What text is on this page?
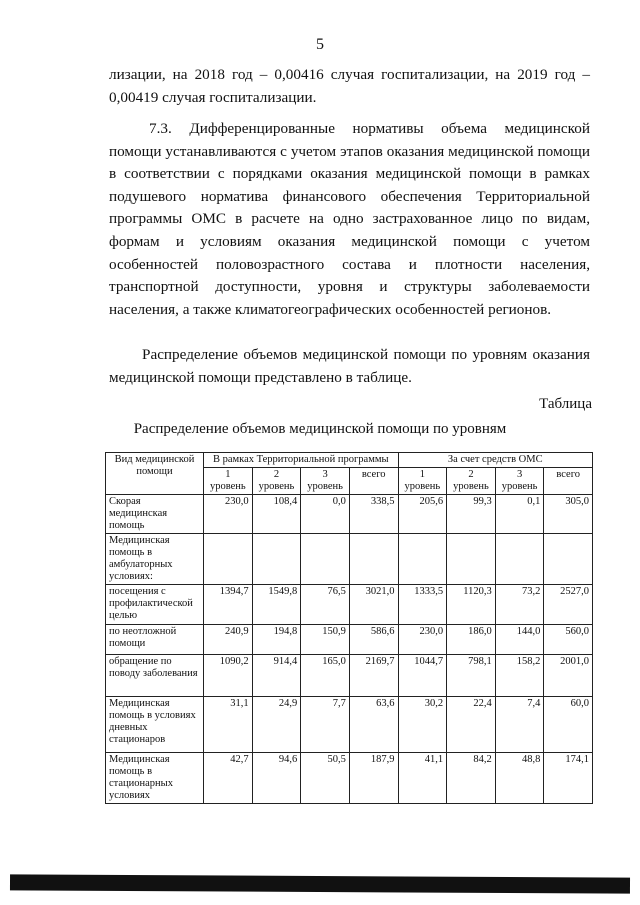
5

лизации, на 2018 год – 0,00416 случая госпитализации, на 2019 год – 0,00419 случая госпитализации.

7.3. Дифференцированные нормативы объема медицинской помощи устанавливаются с учетом этапов оказания медицинской помощи в соответствии с порядками оказания медицинской помощи в рамках подушевого норматива финансового обеспечения Территориальной программы ОМС в расчете на одно застрахованное лицо по видам, формам и условиям оказания медицинской помощи с учетом особенностей половозрастного состава и плотности населения, транспортной доступности, уровня и структуры заболеваемости населения, а также климатогеографических особенностей регионов.

Распределение объемов медицинской помощи по уровням оказания медицинской помощи представлено в таблице.

Таблица
Распределение объемов медицинской помощи по уровням
Вид медицинской помощи	В рамках Территориальной программы				За счет средств ОМС			
	1 уровень	2 уровень	3 уровень	всего	1 уровень	2 уровень	3 уровень	всего
Скорая медицинская помощь	230,0	108,4	0,0	338,5	205,6	99,3	0,1	305,0
Медицинская помощь в амбулаторных условиях:								
посещения с профилактической целью	1394,7	1549,8	76,5	3021,0	1333,5	1120,3	73,2	2527,0
по неотложной помощи	240,9	194,8	150,9	586,6	230,0	186,0	144,0	560,0
обращение по поводу заболевания	1090,2	914,4	165,0	2169,7	1044,7	798,1	158,2	2001,0
Медицинская помощь в условиях дневных стационаров	31,1	24,9	7,7	63,6	30,2	22,4	7,4	60,0
Медицинская помощь в стационарных условиях	42,7	94,6	50,5	187,9	41,1	84,2	48,8	174,1
